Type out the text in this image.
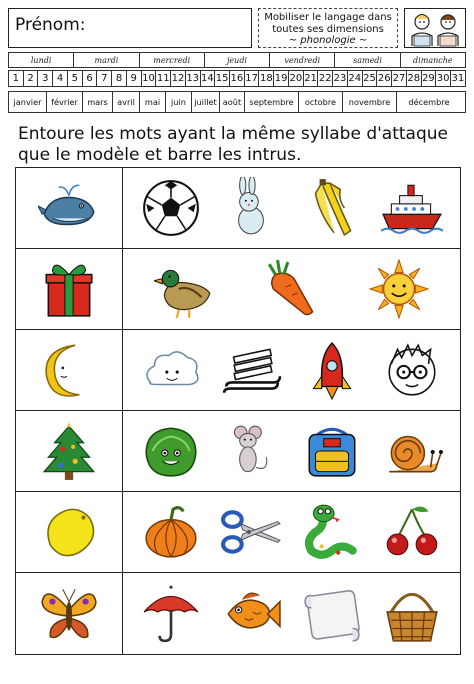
Prénom:	Mobiliser le langage dans
toutes ses dimensions
~ phonologie ~
lundi	mardi	mercredi	jeudi	vendredi	samedi	dimanche
1 2 3 4 5 6 7 8 9 10 11 12 13 14 15 16 17 18 19 20 21 22 23 24 25 26 27 28 29 30 31
janvier	février	mars	avril	mai	juin	juillet août	septembre	octobre	novembre	décembre
Entoure les mots ayant la même syllabe d'attaque
que le modèle et barre les intrus.
